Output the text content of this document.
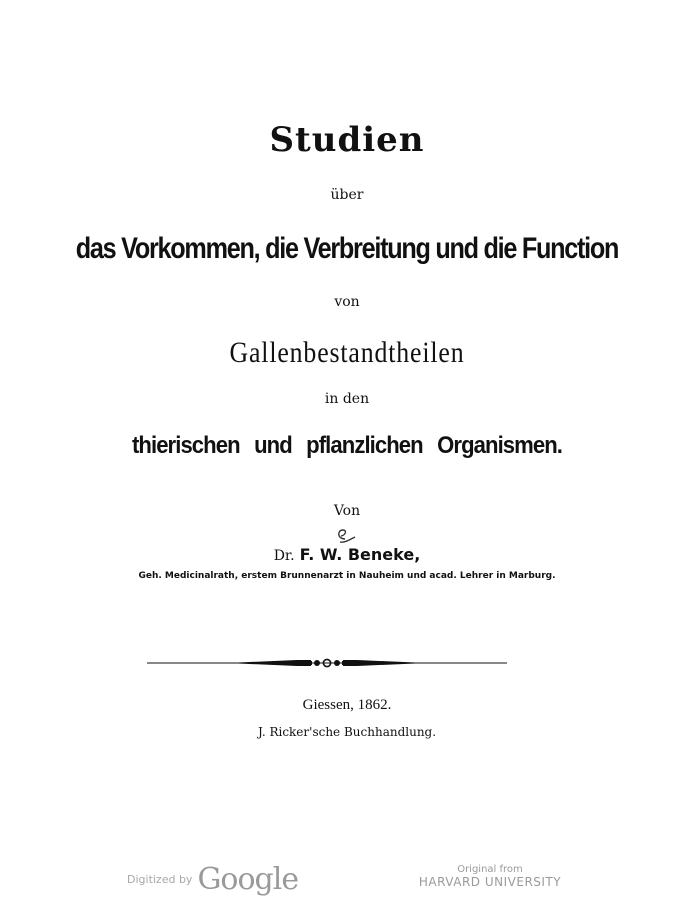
Studien
über
das Vorkommen, die Verbreitung und die Function
von
Gallenbestandtheilen
in den
thierischen und pflanzlichen Organismen.
Von
Dr. F. W. Beneke,
Geh. Medicinalrath, erstem Brunnenarzt in Nauheim und acad. Lehrer in Marburg.
Giessen, 1862.
J. Ricker'sche Buchhandlung.
Digitized by Google	Original from
HARVARD UNIVERSITY
